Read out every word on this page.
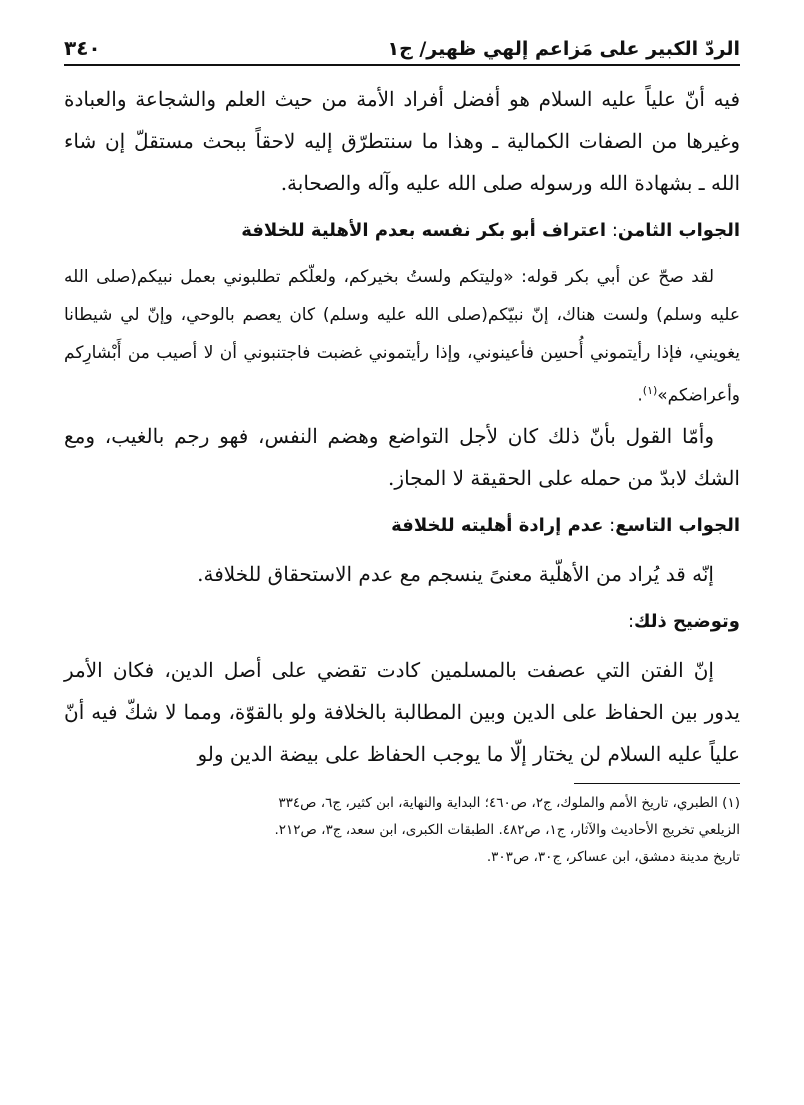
الردّ الكبير على مَزاعم إلهي ظهير/ ج١
٣٤٠

فيه أنّ علياً عليه السلام هو أفضل أفراد الأمة من حيث العلم والشجاعة والعبادة وغيرها من الصفات الكمالية ـ وهذا ما سنتطرّق إليه لاحقاً ببحث مستقلّ إن شاء الله ـ بشهادة الله ورسوله صلى الله عليه وآله والصحابة.

الجواب الثامن: اعتراف أبو بكر نفسه بعدم الأهلية للخلافة

لقد صحّ عن أبي بكر قوله: «وليتكم ولستُ بخيركم، ولعلّكم تطلبوني بعمل نبيكم(صلى الله عليه وسلم) ولست هناك، إنّ نبيّكم(صلى الله عليه وسلم) كان يعصم بالوحي، وإنّ لي شيطانا يغويني، فإذا رأيتموني أُحسِن فأعينوني، وإذا رأيتموني غضبت فاجتنبوني أن لا أصيب من أَبْشارِكم وأعراضكم»$^{(١)}$.

وأمّا القول بأنّ ذلك كان لأجل التواضع وهضم النفس، فهو رجم بالغيب، ومع الشك لابدّ من حمله على الحقيقة لا المجاز.

الجواب التاسع: عدم إرادة أهليته للخلافة

إنّه قد يُراد من الأهلّية معنىً ينسجم مع عدم الاستحقاق للخلافة.

وتوضيح ذلك:

إنّ الفتن التي عصفت بالمسلمين كادت تقضي على أصل الدين، فكان الأمر يدور بين الحفاظ على الدين وبين المطالبة بالخلافة ولو بالقوّة، ومما لا شكّ فيه أنّ علياً عليه السلام لن يختار إلّا ما يوجب الحفاظ على بيضة الدين ولو

(١) الطبري، تاريخ الأمم والملوك، ج٢، ص٤٦٠؛ البداية والنهاية، ابن كثير، ج٦، ص٣٣٤

الزيلعي تخريج الأحاديث والآثار، ج١، ص٤٨٢. الطبقات الكبرى، ابن سعد، ج٣، ص٢١٢.

تاريخ مدينة دمشق، ابن عساكر، ج٣٠، ص٣٠٣.
